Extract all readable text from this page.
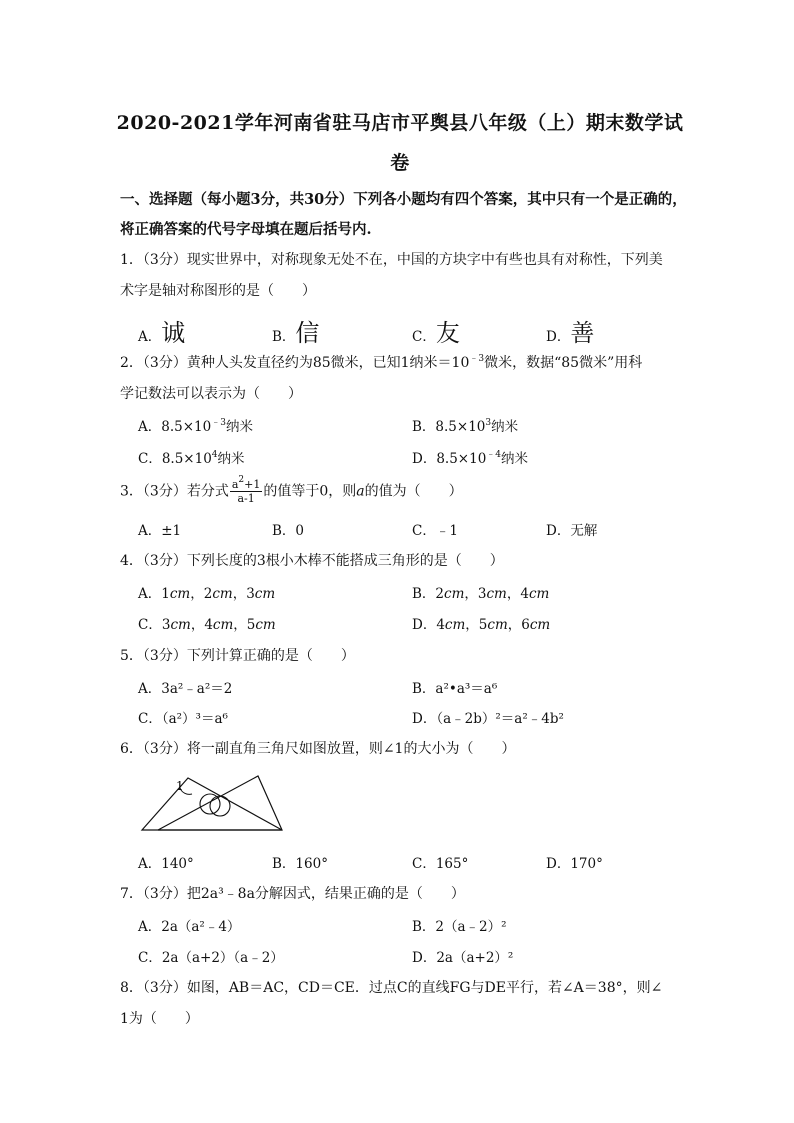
2020-2021学年河南省驻马店市平舆县八年级（上）期末数学试
卷
一、选择题（每小题3分，共30分）下列各小题均有四个答案，其中只有一个是正确的，
将正确答案的代号字母填在题后括号内.
1．（3分）现实世界中，对称现象无处不在，中国的方块字中有些也具有对称性，下列美
术字是轴对称图形的是（　　）
A．诚	B．信	C．友	D．善
2．（3分）黄种人头发直径约为85微米，已知1纳米$=10^{﹣3}$微米，数据“85微米”用科
学记数法可以表示为（　　）
A．$8.5\times 10^{﹣3}$纳米	B．$8.5\times 10^3$纳米
C．$8.5\times 10^4$纳米	D．$8.5\times 10^{﹣4}$纳米
3．（3分）若分式 $\frac{a^2+1}{a-1}$ 的值等于0，则a的值为（　　）
A．±1	B．0	C．﹣1	D．无解
4．（3分）下列长度的3根小木棒不能搭成三角形的是（　　）
A．1cm，2cm，3cm	B．2cm，3cm，4cm
C．3cm，4cm，5cm	D．4cm，5cm，6cm
5．（3分）下列计算正确的是（　　）
A．3a²﹣a²＝2	B．a²•a³＝a⁶
C．（a²）³＝a⁶	D．（a﹣2b）²＝a²﹣4b²
6．（3分）将一副直角三角尺如图放置，则∠1的大小为（　　）
1
A．140°	B．160°	C．165°	D．170°
7．（3分）把2a³﹣8a分解因式，结果正确的是（　　）
A．2a（a²﹣4）	B．2（a﹣2）²
C．2a（a+2）（a﹣2）	D．2a（a+2）²
8．（3分）如图，AB＝AC，CD＝CE．过点C的直线FG与DE平行，若∠A＝38°，则∠
1为（　　）
